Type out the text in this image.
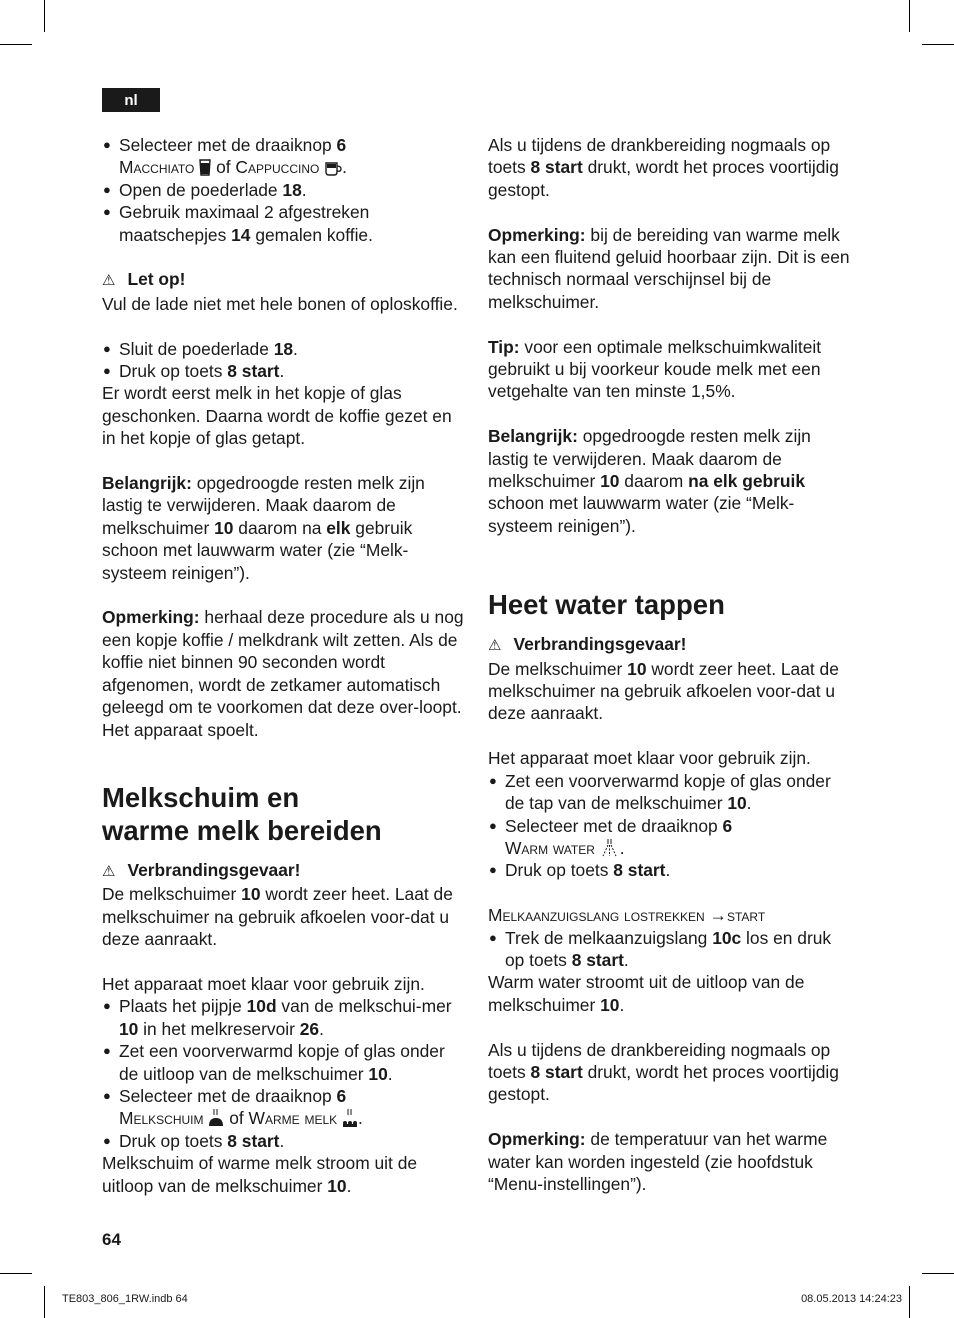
nl

● Selecteer met de draaiknop 6
Macchiato  of Cappuccino .

● Open de poederlade 18.

● Gebruik maximaal 2 afgestreken maatschepjes 14 gemalen koffie.

⚠ Let op!

Vul de lade niet met hele bonen of oploskoffie.

● Sluit de poederlade 18.

● Druk op toets 8 start.

Er wordt eerst melk in het kopje of glas geschonken. Daarna wordt de koffie gezet en in het kopje of glas getapt.

Belangrijk: opgedroogde resten melk zijn lastig te verwijderen. Maak daarom de melkschuimer 10 daarom na elk gebruik schoon met lauwwarm water (zie “Melk-systeem reinigen”).

Opmerking: herhaal deze procedure als u nog een kopje koffie / melkdrank wilt zetten. Als de koffie niet binnen 90 seconden wordt afgenomen, wordt de zetkamer automatisch geleegd om te voorkomen dat deze over-loopt. Het apparaat spoelt.

Melkschuim en
warme melk bereiden

⚠ Verbrandingsgevaar!

De melkschuimer 10 wordt zeer heet. Laat de melkschuimer na gebruik afkoelen voor-dat u deze aanraakt.

Het apparaat moet klaar voor gebruik zijn.

● Plaats het pijpje 10d van de melkschui-mer 10 in het melkreservoir 26.

● Zet een voorverwarmd kopje of glas onder de uitloop van de melkschuimer 10.

● Selecteer met de draaiknop 6
Melkschuim  of Warme melk .

● Druk op toets 8 start.

Melkschuim of warme melk stroom uit de uitloop van de melkschuimer 10.

Als u tijdens de drankbereiding nogmaals op toets 8 start drukt, wordt het proces voortijdig gestopt.

Opmerking: bij de bereiding van warme melk kan een fluitend geluid hoorbaar zijn. Dit is een technisch normaal verschijnsel bij de melkschuimer.

Tip: voor een optimale melkschuimkwaliteit gebruikt u bij voorkeur koude melk met een vetgehalte van ten minste 1,5%.

Belangrijk: opgedroogde resten melk zijn lastig te verwijderen. Maak daarom de melkschuimer 10 daarom na elk gebruik schoon met lauwwarm water (zie “Melk-systeem reinigen”).

Heet water tappen

⚠ Verbrandingsgevaar!

De melkschuimer 10 wordt zeer heet. Laat de melkschuimer na gebruik afkoelen voor-dat u deze aanraakt.

Het apparaat moet klaar voor gebruik zijn.

● Zet een voorverwarmd kopje of glas onder de tap van de melkschuimer 10.

● Selecteer met de draaiknop 6
Warm water .

● Druk op toets 8 start.

Melkaanzuigslang lostrekken →start

● Trek de melkaanzuigslang 10c los en druk op toets 8 start.

Warm water stroomt uit de uitloop van de melkschuimer 10.

Als u tijdens de drankbereiding nogmaals op toets 8 start drukt, wordt het proces voortijdig gestopt.

Opmerking: de temperatuur van het warme water kan worden ingesteld (zie hoofdstuk “Menu-instellingen”).

64
TE803_806_1RW.indb 64	08.05.2013 14:24:23
